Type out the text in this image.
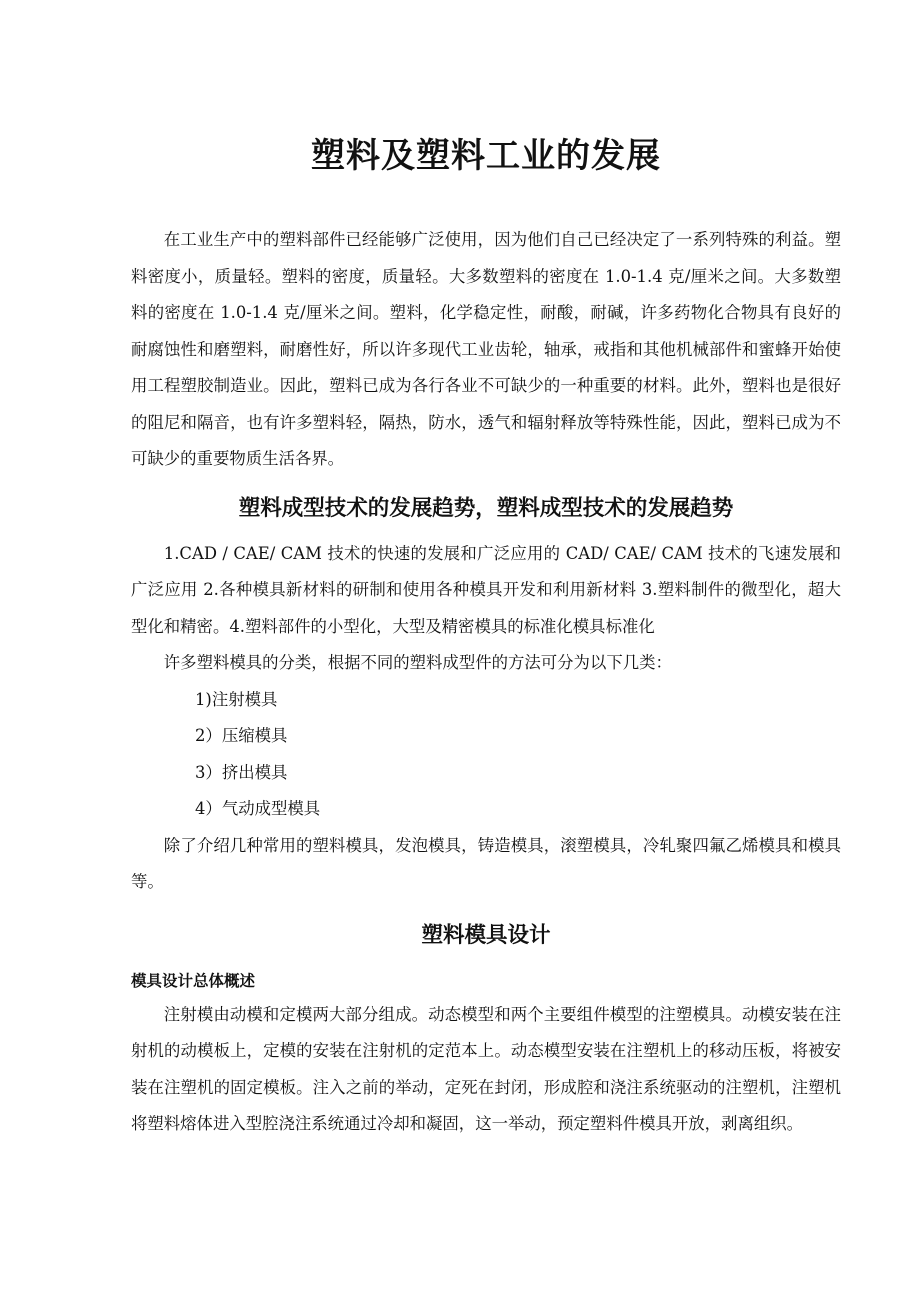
塑料及塑料工业的发展

在工业生产中的塑料部件已经能够广泛使用，因为他们自己已经决定了一系列特殊的利益。塑料密度小，质量轻。塑料的密度，质量轻。大多数塑料的密度在 1.0-1.4 克/厘米之间。大多数塑料的密度在 1.0-1.4 克/厘米之间。塑料，化学稳定性，耐酸，耐碱，许多药物化合物具有良好的耐腐蚀性和磨塑料，耐磨性好，所以许多现代工业齿轮，轴承，戒指和其他机械部件和蜜蜂开始使用工程塑胶制造业。因此，塑料已成为各行各业不可缺少的一种重要的材料。此外，塑料也是很好的阻尼和隔音，也有许多塑料轻，隔热，防水，透气和辐射释放等特殊性能，因此，塑料已成为不可缺少的重要物质生活各界。

塑料成型技术的发展趋势，塑料成型技术的发展趋势

1.CAD / CAE/ CAM 技术的快速的发展和广泛应用的 CAD/ CAE/ CAM 技术的飞速发展和广泛应用 2.各种模具新材料的研制和使用各种模具开发和利用新材料 3.塑料制件的微型化，超大型化和精密。4.塑料部件的小型化，大型及精密模具的标准化模具标准化

许多塑料模具的分类，根据不同的塑料成型件的方法可分为以下几类：

1)注射模具

2）压缩模具

3）挤出模具

4）气动成型模具

除了介绍几种常用的塑料模具，发泡模具，铸造模具，滚塑模具，冷轧聚四氟乙烯模具和模具等。

塑料模具设计
模具设计总体概述

注射模由动模和定模两大部分组成。动态模型和两个主要组件模型的注塑模具。动模安装在注射机的动模板上，定模的安装在注射机的定范本上。动态模型安装在注塑机上的移动压板，将被安装在注塑机的固定模板。注入之前的举动，定死在封闭，形成腔和浇注系统驱动的注塑机，注塑机将塑料熔体进入型腔浇注系统通过冷却和凝固，这一举动，预定塑料件模具开放，剥离组织。
